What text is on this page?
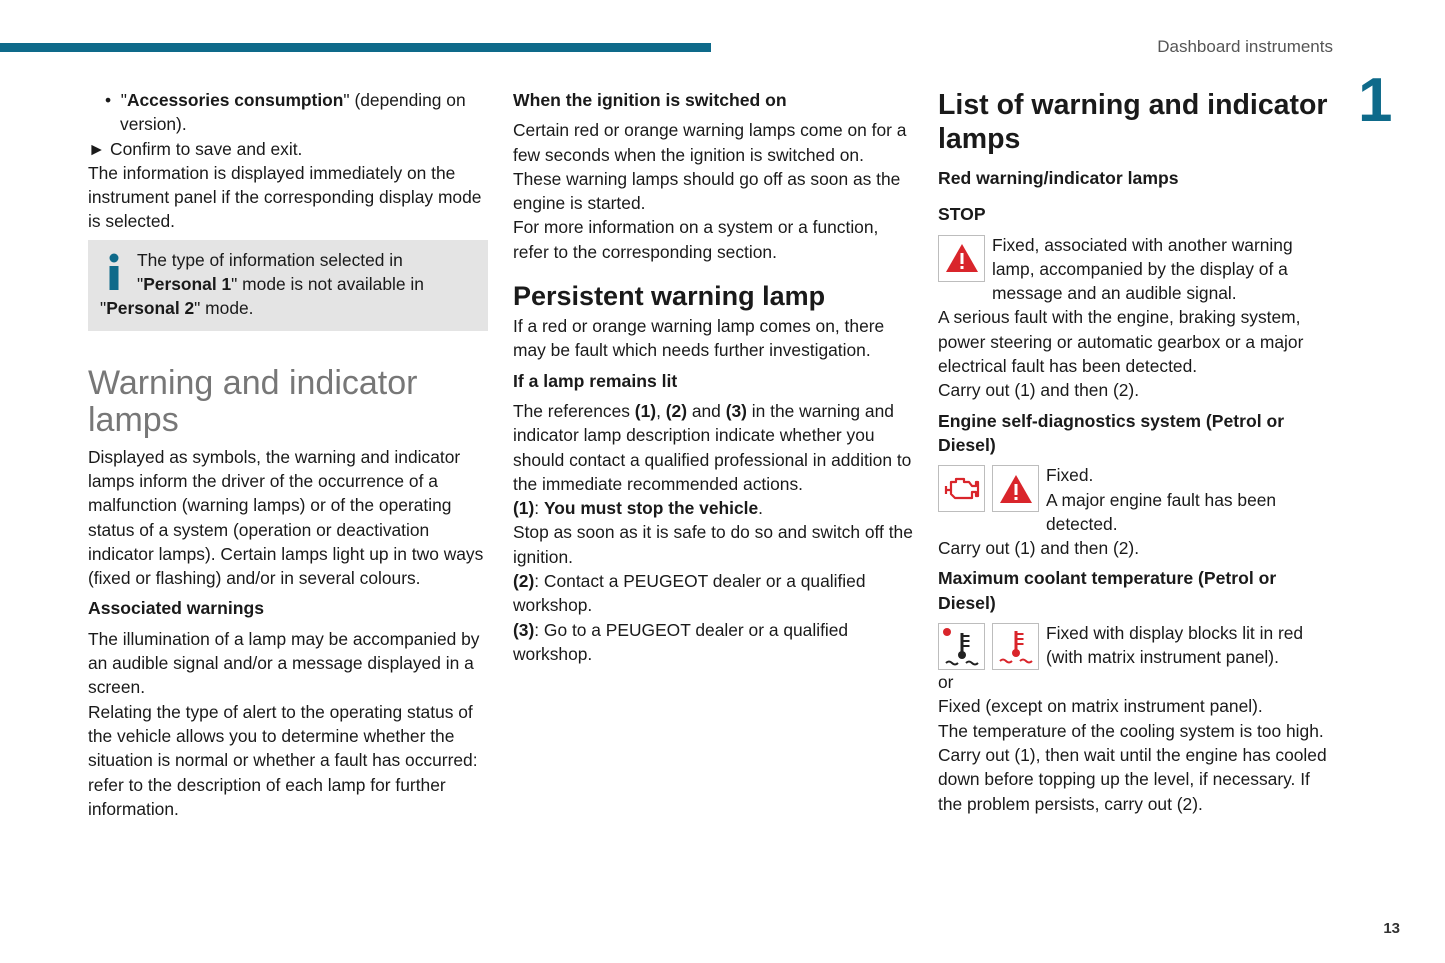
Dashboard instruments
1
13

•  "Accessories consumption" (depending on version).

► Confirm to save and exit.

The information is displayed immediately on the instrument panel if the corresponding display mode is selected.

The type of information selected in "Personal 1" mode is not available in "Personal 2" mode.

Warning and indicator lamps

Displayed as symbols, the warning and indicator lamps inform the driver of the occurrence of a malfunction (warning lamps) or of the operating status of a system (operation or deactivation indicator lamps). Certain lamps light up in two ways (fixed or flashing) and/or in several colours.

Associated warnings

The illumination of a lamp may be accompanied by an audible signal and/or a message displayed in a screen.

Relating the type of alert to the operating status of the vehicle allows you to determine whether the situation is normal or whether a fault has occurred: refer to the description of each lamp for further information.

When the ignition is switched on

Certain red or orange warning lamps come on for a few seconds when the ignition is switched on. These warning lamps should go off as soon as the engine is started.

For more information on a system or a function, refer to the corresponding section.

Persistent warning lamp

If a red or orange warning lamp comes on, there may be fault which needs further investigation.

If a lamp remains lit

The references (1), (2) and (3) in the warning and indicator lamp description indicate whether you should contact a qualified professional in addition to the immediate recommended actions.

(1): You must stop the vehicle.

Stop as soon as it is safe to do so and switch off the ignition.

(2): Contact a PEUGEOT dealer or a qualified workshop.

(3): Go to a PEUGEOT dealer or a qualified workshop.

List of warning and indicator lamps
Red warning/indicator lamps
STOP

Fixed, associated with another warning lamp, accompanied by the display of a message and an audible signal.

A serious fault with the engine, braking system, power steering or automatic gearbox or a major electrical fault has been detected.

Carry out (1) and then (2).

Engine self-diagnostics system (Petrol or Diesel)

Fixed.

A major engine fault has been detected.

Carry out (1) and then (2).

Maximum coolant temperature (Petrol or Diesel)

Fixed with display blocks lit in red (with matrix instrument panel).

or

Fixed (except on matrix instrument panel).

The temperature of the cooling system is too high.

Carry out (1), then wait until the engine has cooled down before topping up the level, if necessary. If the problem persists, carry out (2).
